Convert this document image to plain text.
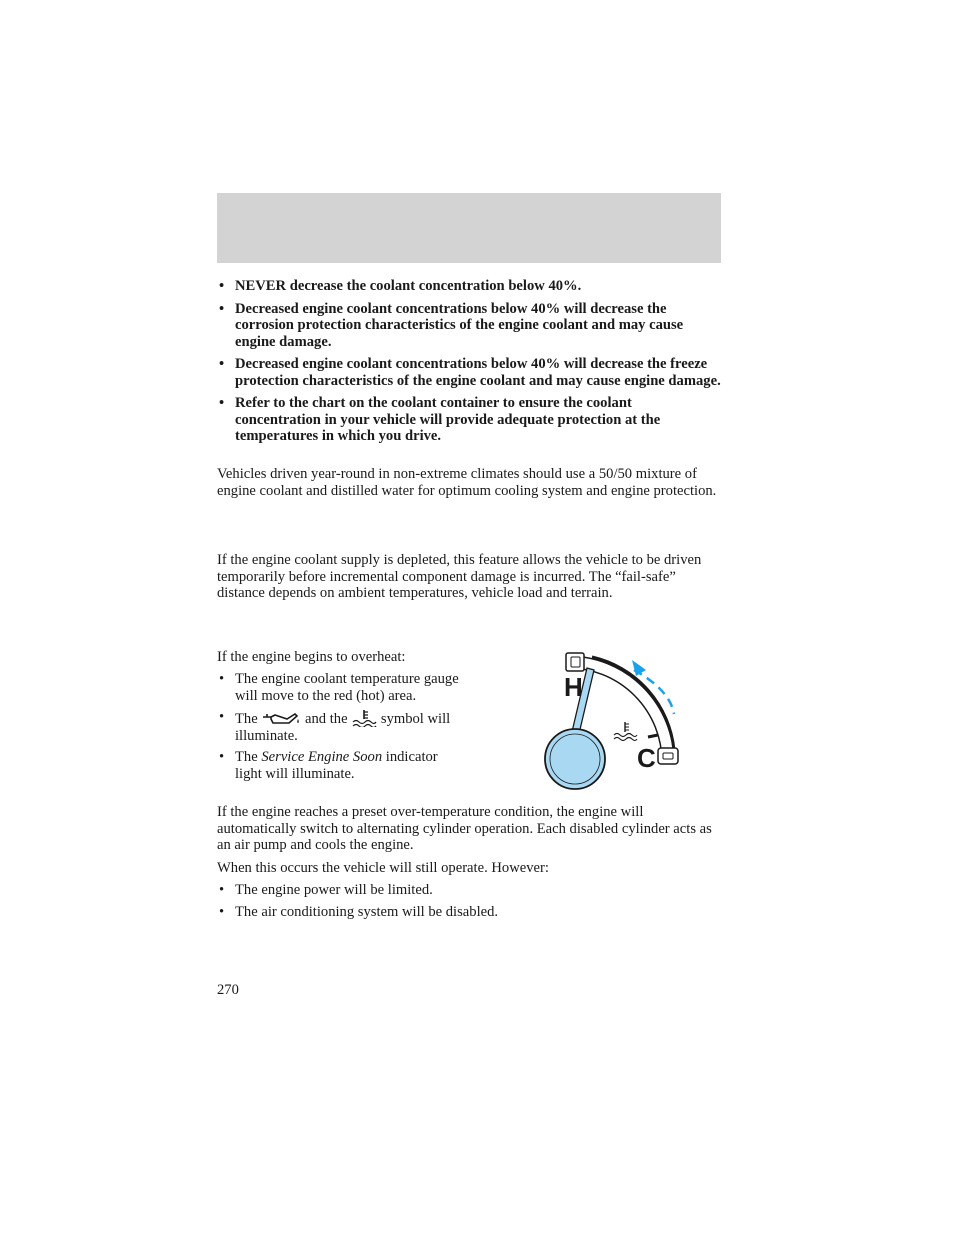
• NEVER decrease the coolant concentration below 40%.
• Decreased engine coolant concentrations below 40% will decrease the corrosion protection characteristics of the engine coolant and may cause engine damage.
• Decreased engine coolant concentrations below 40% will decrease the freeze protection characteristics of the engine coolant and may cause engine damage.
• Refer to the chart on the coolant container to ensure the coolant concentration in your vehicle will provide adequate protection at the temperatures in which you drive.

Vehicles driven year-round in non-extreme climates should use a 50/50 mixture of engine coolant and distilled water for optimum cooling system and engine protection.

If the engine coolant supply is depleted, this feature allows the vehicle to be driven temporarily before incremental component damage is incurred. The “fail-safe” distance depends on ambient temperatures, vehicle load and terrain.

If the engine begins to overheat:

• The engine coolant temperature gauge will move to the red (hot) area.
• The	and the symbol will illuminate.
• The Service Engine Soon indicator light will illuminate.
H
C

If the engine reaches a preset over-temperature condition, the engine will automatically switch to alternating cylinder operation. Each disabled cylinder acts as an air pump and cools the engine.

When this occurs the vehicle will still operate. However:

• The engine power will be limited.
• The air conditioning system will be disabled.
270
